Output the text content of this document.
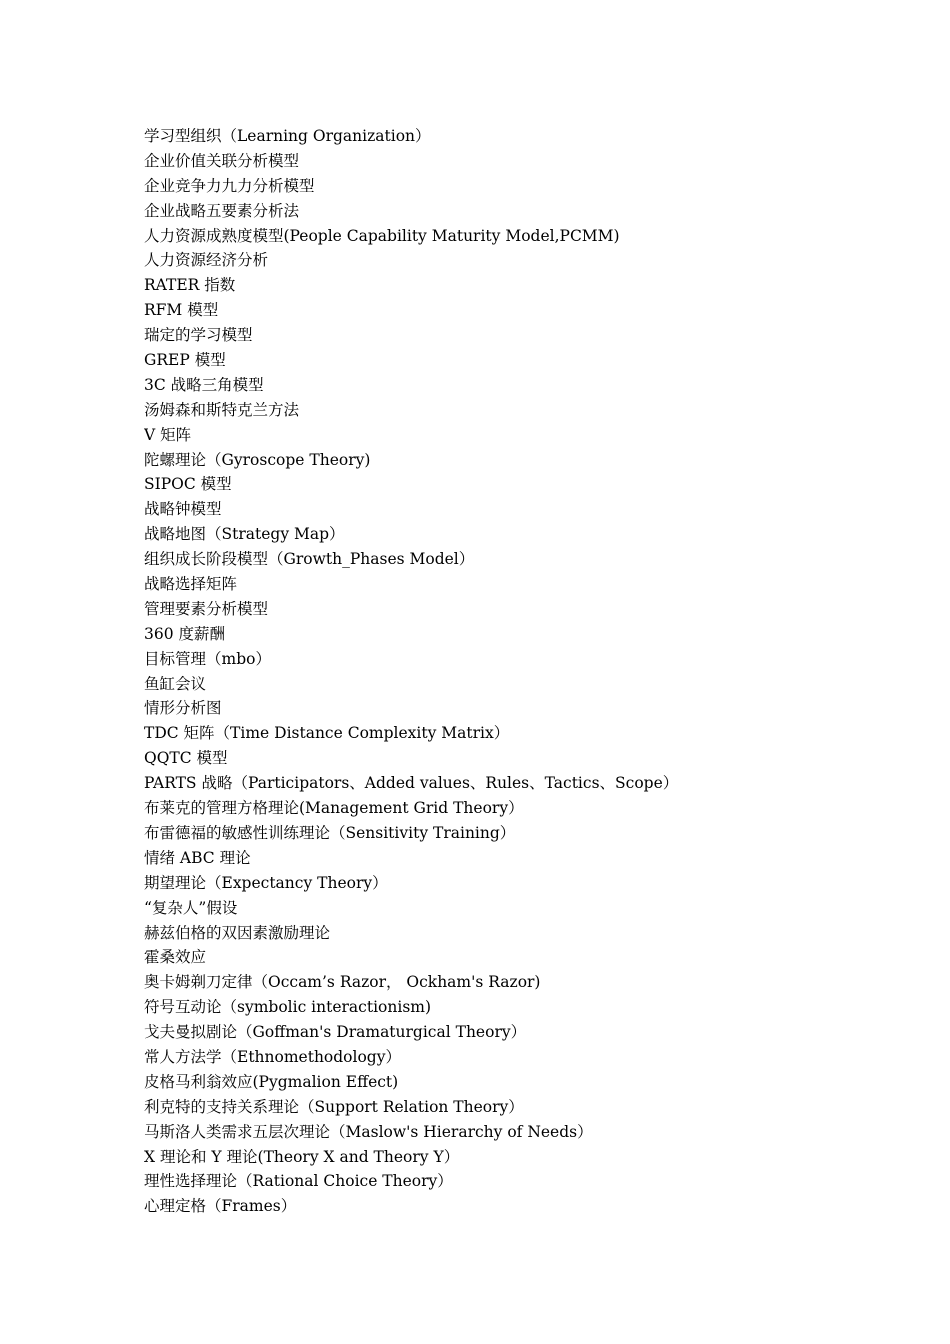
学习型组织（Learning Organization）
企业价值关联分析模型
企业竞争力九力分析模型
企业战略五要素分析法
人力资源成熟度模型(People Capability Maturity Model,PCMM)
人力资源经济分析
RATER 指数
RFM 模型
瑞定的学习模型
GREP 模型
3C 战略三角模型
汤姆森和斯特克兰方法
V 矩阵
陀螺理论（Gyroscope Theory)
SIPOC 模型
战略钟模型
战略地图（Strategy Map）
组织成长阶段模型（Growth_Phases Model）
战略选择矩阵
管理要素分析模型
360 度薪酬
目标管理（mbo）
鱼缸会议
情形分析图
TDC 矩阵（Time Distance Complexity Matrix）
QQTC 模型
PARTS 战略（Participators、Added values、Rules、Tactics、Scope）
布莱克的管理方格理论(Management Grid Theory）
布雷德福的敏感性训练理论（Sensitivity Training）
情绪 ABC 理论
期望理论（Expectancy Theory）
“复杂人”假设
赫兹伯格的双因素激励理论
霍桑效应
奥卡姆剃刀定律（Occam’s Razor， Ockham's Razor)
符号互动论（symbolic interactionism)
戈夫曼拟剧论（Goffman's Dramaturgical Theory）
常人方法学（Ethnomethodology）
皮格马利翁效应(Pygmalion Effect)
利克特的支持关系理论（Support Relation Theory）
马斯洛人类需求五层次理论（Maslow's Hierarchy of Needs）
X 理论和 Y 理论(Theory X and Theory Y）
理性选择理论（Rational Choice Theory）
心理定格（Frames）
